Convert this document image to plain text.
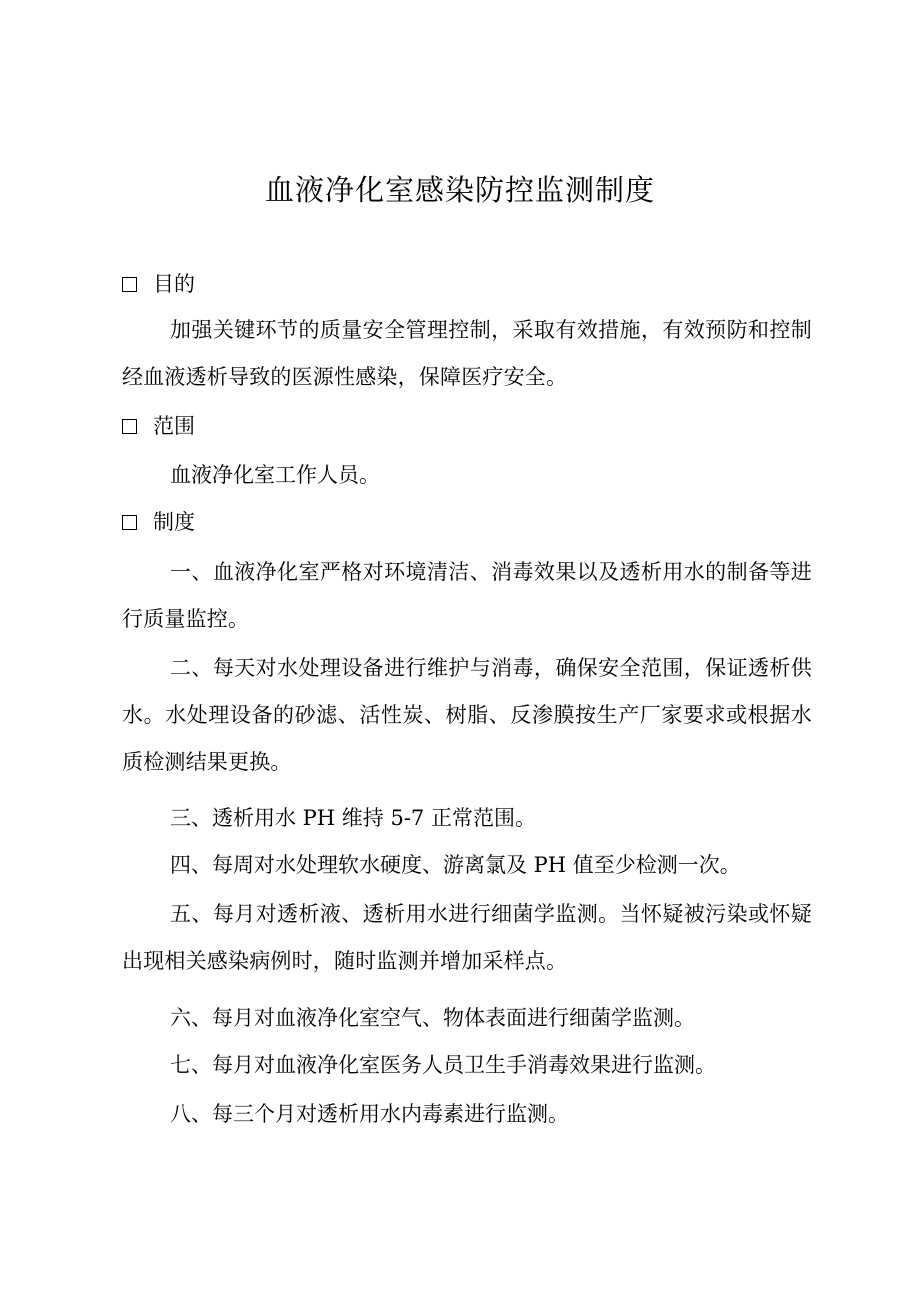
血液净化室感染防控监测制度
目的
加强关键环节的质量安全管理控制，采取有效措施，有效预防和控制经血液透析导致的医源性感染，保障医疗安全。
范围
血液净化室工作人员。
制度
一、血液净化室严格对环境清洁、消毒效果以及透析用水的制备等进行质量监控。
二、每天对水处理设备进行维护与消毒，确保安全范围，保证透析供水。水处理设备的砂滤、活性炭、树脂、反渗膜按生产厂家要求或根据水质检测结果更换。
三、透析用水 PH 维持 5-7 正常范围。
四、每周对水处理软水硬度、游离氯及 PH 值至少检测一次。
五、每月对透析液、透析用水进行细菌学监测。当怀疑被污染或怀疑出现相关感染病例时，随时监测并增加采样点。
六、每月对血液净化室空气、物体表面进行细菌学监测。
七、每月对血液净化室医务人员卫生手消毒效果进行监测。
八、每三个月对透析用水内毒素进行监测。
